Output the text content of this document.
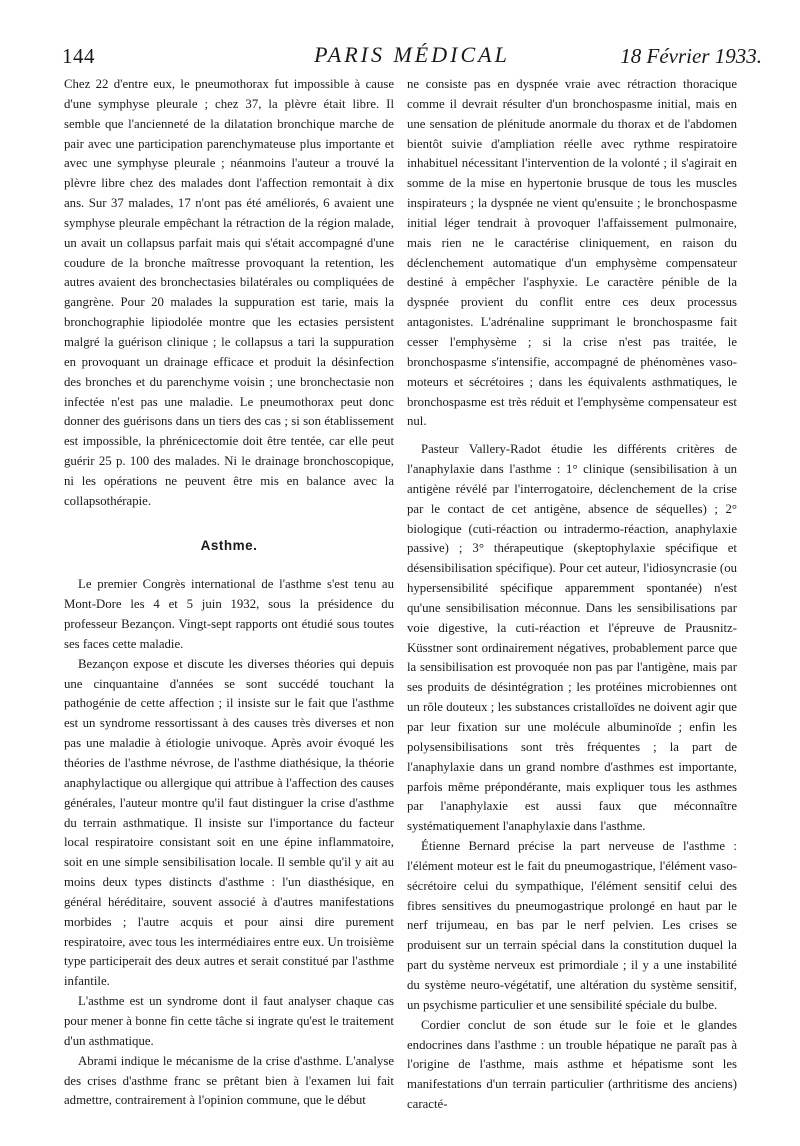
144	PARIS MÉDICAL	18 Février 1933.

Chez 22 d'entre eux, le pneumothorax fut impossible à cause d'une symphyse pleurale ; chez 37, la plèvre était libre. Il semble que l'ancienneté de la dilatation bronchique marche de pair avec une participation parenchymateuse plus importante et avec une symphyse pleurale ; néanmoins l'auteur a trouvé la plèvre libre chez des malades dont l'affection remontait à dix ans. Sur 37 malades, 17 n'ont pas été améliorés, 6 avaient une symphyse pleurale empêchant la rétraction de la région malade, un avait un collapsus parfait mais qui s'était accompagné d'une coudure de la bronche maîtresse provoquant la retention, les autres avaient des bronchectasies bilatérales ou compliquées de gangrène. Pour 20 malades la suppuration est tarie, mais la bronchographie lipiodolée montre que les ectasies persistent malgré la guérison clinique ; le collapsus a tari la suppuration en provoquant un drainage efficace et produit la désinfection des bronches et du parenchyme voisin ; une bronchectasie non infectée n'est pas une maladie. Le pneumothorax peut donc donner des guérisons dans un tiers des cas ; si son établissement est impossible, la phrénicectomie doit être tentée, car elle peut guérir 25 p. 100 des malades. Ni le drainage bronchoscopique, ni les opérations ne peuvent être mis en balance avec la collapsothérapie.

Asthme.

Le premier Congrès international de l'asthme s'est tenu au Mont-Dore les 4 et 5 juin 1932, sous la présidence du professeur Bezançon. Vingt-sept rapports ont étudié sous toutes ses faces cette maladie.

Bezançon expose et discute les diverses théories qui depuis une cinquantaine d'années se sont succédé touchant la pathogénie de cette affection ; il insiste sur le fait que l'asthme est un syndrome ressortissant à des causes très diverses et non pas une maladie à étiologie univoque. Après avoir évoqué les théories de l'asthme névrose, de l'asthme diathésique, la théorie anaphylactique ou allergique qui attribue à l'affection des causes générales, l'auteur montre qu'il faut distinguer la crise d'asthme du terrain asthmatique. Il insiste sur l'importance du facteur local respiratoire consistant soit en une épine inflammatoire, soit en une simple sensibilisation locale. Il semble qu'il y ait au moins deux types distincts d'asthme : l'un diasthésique, en général héréditaire, souvent associé à d'autres manifestations morbides ; l'autre acquis et pour ainsi dire purement respiratoire, avec tous les intermédiaires entre eux. Un troisième type participerait des deux autres et serait constitué par l'asthme infantile.

L'asthme est un syndrome dont il faut analyser chaque cas pour mener à bonne fin cette tâche si ingrate qu'est le traitement d'un asthmatique.

Abrami indique le mécanisme de la crise d'asthme. L'analyse des crises d'asthme franc se prêtant bien à l'examen lui fait admettre, contrairement à l'opinion commune, que le début

ne consiste pas en dyspnée vraie avec rétraction thoracique comme il devrait résulter d'un bronchospasme initial, mais en une sensation de plénitude anormale du thorax et de l'abdomen bientôt suivie d'ampliation réelle avec rythme respiratoire inhabituel nécessitant l'intervention de la volonté ; il s'agirait en somme de la mise en hypertonie brusque de tous les muscles inspirateurs ; la dyspnée ne vient qu'ensuite ; le bronchospasme initial léger tendrait à provoquer l'affaissement pulmonaire, mais rien ne le caractérise cliniquement, en raison du déclenchement automatique d'un emphysème compensateur destiné à empêcher l'asphyxie. Le caractère pénible de la dyspnée provient du conflit entre ces deux processus antagonistes. L'adrénaline supprimant le bronchospasme fait cesser l'emphysème ; si la crise n'est pas traitée, le bronchospasme s'intensifie, accompagné de phénomènes vaso-moteurs et sécrétoires ; dans les équivalents asthmatiques, le bronchospasme est très réduit et l'emphysème compensateur est nul.

Pasteur Vallery-Radot étudie les différents critères de l'anaphylaxie dans l'asthme : 1° clinique (sensibilisation à un antigène révélé par l'interrogatoire, déclenchement de la crise par le contact de cet antigène, absence de séquelles) ; 2° biologique (cuti-réaction ou intradermo-réaction, anaphylaxie passive) ; 3° thérapeutique (skeptophylaxie spécifique et désensibilisation spécifique). Pour cet auteur, l'idiosyncrasie (ou hypersensibilité spécifique apparemment spontanée) n'est qu'une sensibilisation méconnue. Dans les sensibilisations par voie digestive, la cuti-réaction et l'épreuve de Prausnitz-Küsstner sont ordinairement négatives, probablement parce que la sensibilisation est provoquée non pas par l'antigène, mais par ses produits de désintégration ; les protéines microbiennes ont un rôle douteux ; les substances cristalloïdes ne doivent agir que par leur fixation sur une molécule albuminoïde ; enfin les polysensibilisations sont très fréquentes ; la part de l'anaphylaxie dans un grand nombre d'asthmes est importante, parfois même prépondérante, mais expliquer tous les asthmes par l'anaphylaxie est aussi faux que méconnaître systématiquement l'anaphylaxie dans l'asthme.

Étienne Bernard précise la part nerveuse de l'asthme : l'élément moteur est le fait du pneumogastrique, l'élément vaso-sécrétoire celui du sympathique, l'élément sensitif celui des fibres sensitives du pneumogastrique prolongé en haut par le nerf trijumeau, en bas par le nerf pelvien. Les crises se produisent sur un terrain spécial dans la constitution duquel la part du système nerveux est primordiale ; il y a une instabilité du système neuro-végétatif, une altération du système sensitif, un psychisme particulier et une sensibilité spéciale du bulbe.

Cordier conclut de son étude sur le foie et le glandes endocrines dans l'asthme : un trouble hépatique ne paraît pas à l'origine de l'asthme, mais asthme et hépatisme sont les manifestations d'un terrain particulier (arthritisme des anciens) caracté-
